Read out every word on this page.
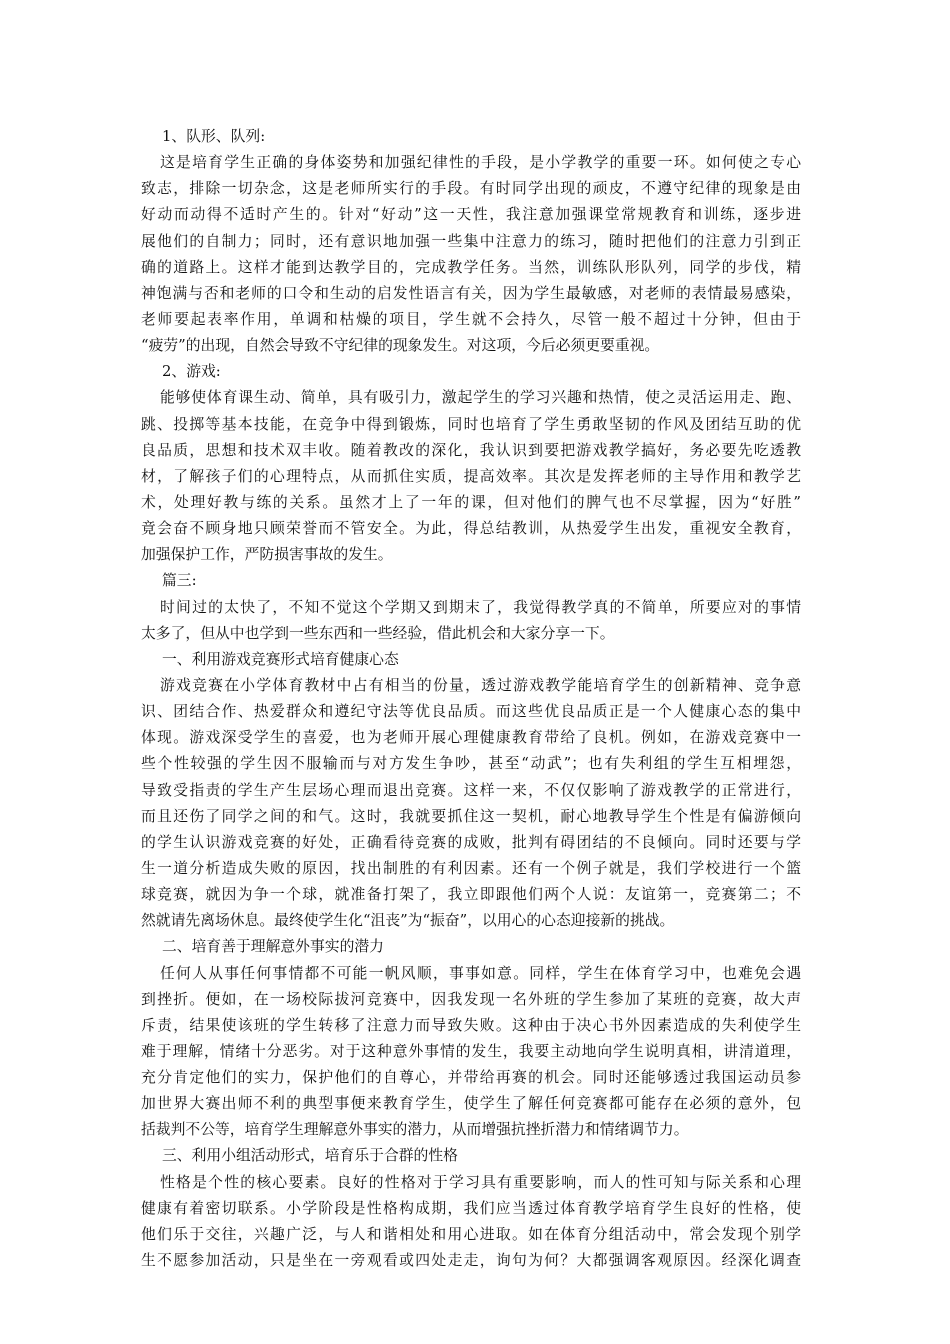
1、队形、队列:
这是培育学生正确的身体姿势和加强纪律性的手段，是小学教学的重要一环。如何使之专心
致志，排除一切杂念，这是老师所实行的手段。有时同学出现的顽皮，不遵守纪律的现象是由
好动而动得不适时产生的。针对“好动”这一天性，我注意加强课堂常规教育和训练，逐步进
展他们的自制力；同时，还有意识地加强一些集中注意力的练习，随时把他们的注意力引到正
确的道路上。这样才能到达教学目的，完成教学任务。当然，训练队形队列，同学的步伐，精
神饱满与否和老师的口令和生动的启发性语言有关，因为学生最敏感，对老师的表情最易感染，
老师要起表率作用，单调和枯燥的项目，学生就不会持久，尽管一般不超过十分钟，但由于
“疲劳”的出现，自然会导致不守纪律的现象发生。对这项，今后必须更要重视。
2、游戏:
能够使体育课生动、简单，具有吸引力，激起学生的学习兴趣和热情，使之灵活运用走、跑、
跳、投掷等基本技能，在竞争中得到锻炼，同时也培育了学生勇敢坚韧的作风及团结互助的优
良品质，思想和技术双丰收。随着教改的深化，我认识到要把游戏教学搞好，务必要先吃透教
材，了解孩子们的心理特点，从而抓住实质，提高效率。其次是发挥老师的主导作用和教学艺
术，处理好教与练的关系。虽然才上了一年的课，但对他们的脾气也不尽掌握，因为“好胜”
竟会奋不顾身地只顾荣誉而不管安全。为此，得总结教训，从热爱学生出发，重视安全教育，
加强保护工作，严防损害事故的发生。
篇三:
时间过的太快了，不知不觉这个学期又到期末了，我觉得教学真的不简单，所要应对的事情
太多了，但从中也学到一些东西和一些经验，借此机会和大家分享一下。
一、利用游戏竞赛形式培育健康心态
游戏竞赛在小学体育教材中占有相当的份量，透过游戏教学能培育学生的创新精神、竞争意
识、团结合作、热爱群众和遵纪守法等优良品质。而这些优良品质正是一个人健康心态的集中
体现。游戏深受学生的喜爱，也为老师开展心理健康教育带给了良机。例如，在游戏竞赛中一
些个性较强的学生因不服输而与对方发生争吵，甚至“动武”；也有失利组的学生互相埋怨，
导致受指责的学生产生层场心理而退出竞赛。这样一来，不仅仅影响了游戏教学的正常进行，
而且还伤了同学之间的和气。这时，我就要抓住这一契机，耐心地教导学生个性是有偏游倾向
的学生认识游戏竞赛的好处，正确看待竞赛的成败，批判有碍团结的不良倾向。同时还要与学
生一道分析造成失败的原因，找出制胜的有利因素。还有一个例子就是，我们学校进行一个篮
球竞赛，就因为争一个球，就准备打架了，我立即跟他们两个人说：友谊第一，竞赛第二；不
然就请先离场休息。最终使学生化“沮丧”为“振奋”，以用心的心态迎接新的挑战。
二、培育善于理解意外事实的潜力
任何人从事任何事情都不可能一帆风顺，事事如意。同样，学生在体育学习中，也难免会遇
到挫折。便如，在一场校际拔河竞赛中，因我发现一名外班的学生参加了某班的竞赛，故大声
斥责，结果使该班的学生转移了注意力而导致失败。这种由于决心书外因素造成的失利使学生
难于理解，情绪十分恶劣。对于这种意外事情的发生，我要主动地向学生说明真相，讲清道理，
充分肯定他们的实力，保护他们的自尊心，并带给再赛的机会。同时还能够透过我国运动员参
加世界大赛出师不利的典型事便来教育学生，使学生了解任何竞赛都可能存在必须的意外，包
括裁判不公等，培育学生理解意外事实的潜力，从而增强抗挫折潜力和情绪调节力。
三、利用小组活动形式，培育乐于合群的性格
性格是个性的核心要素。良好的性格对于学习具有重要影响，而人的性可知与际关系和心理
健康有着密切联系。小学阶段是性格构成期，我们应当透过体育教学培育学生良好的性格，使
他们乐于交往，兴趣广泛，与人和谐相处和用心进取。如在体育分组活动中，常会发现个别学
生不愿参加活动，只是坐在一旁观看或四处走走，询句为何？大都强调客观原因。经深化调查
